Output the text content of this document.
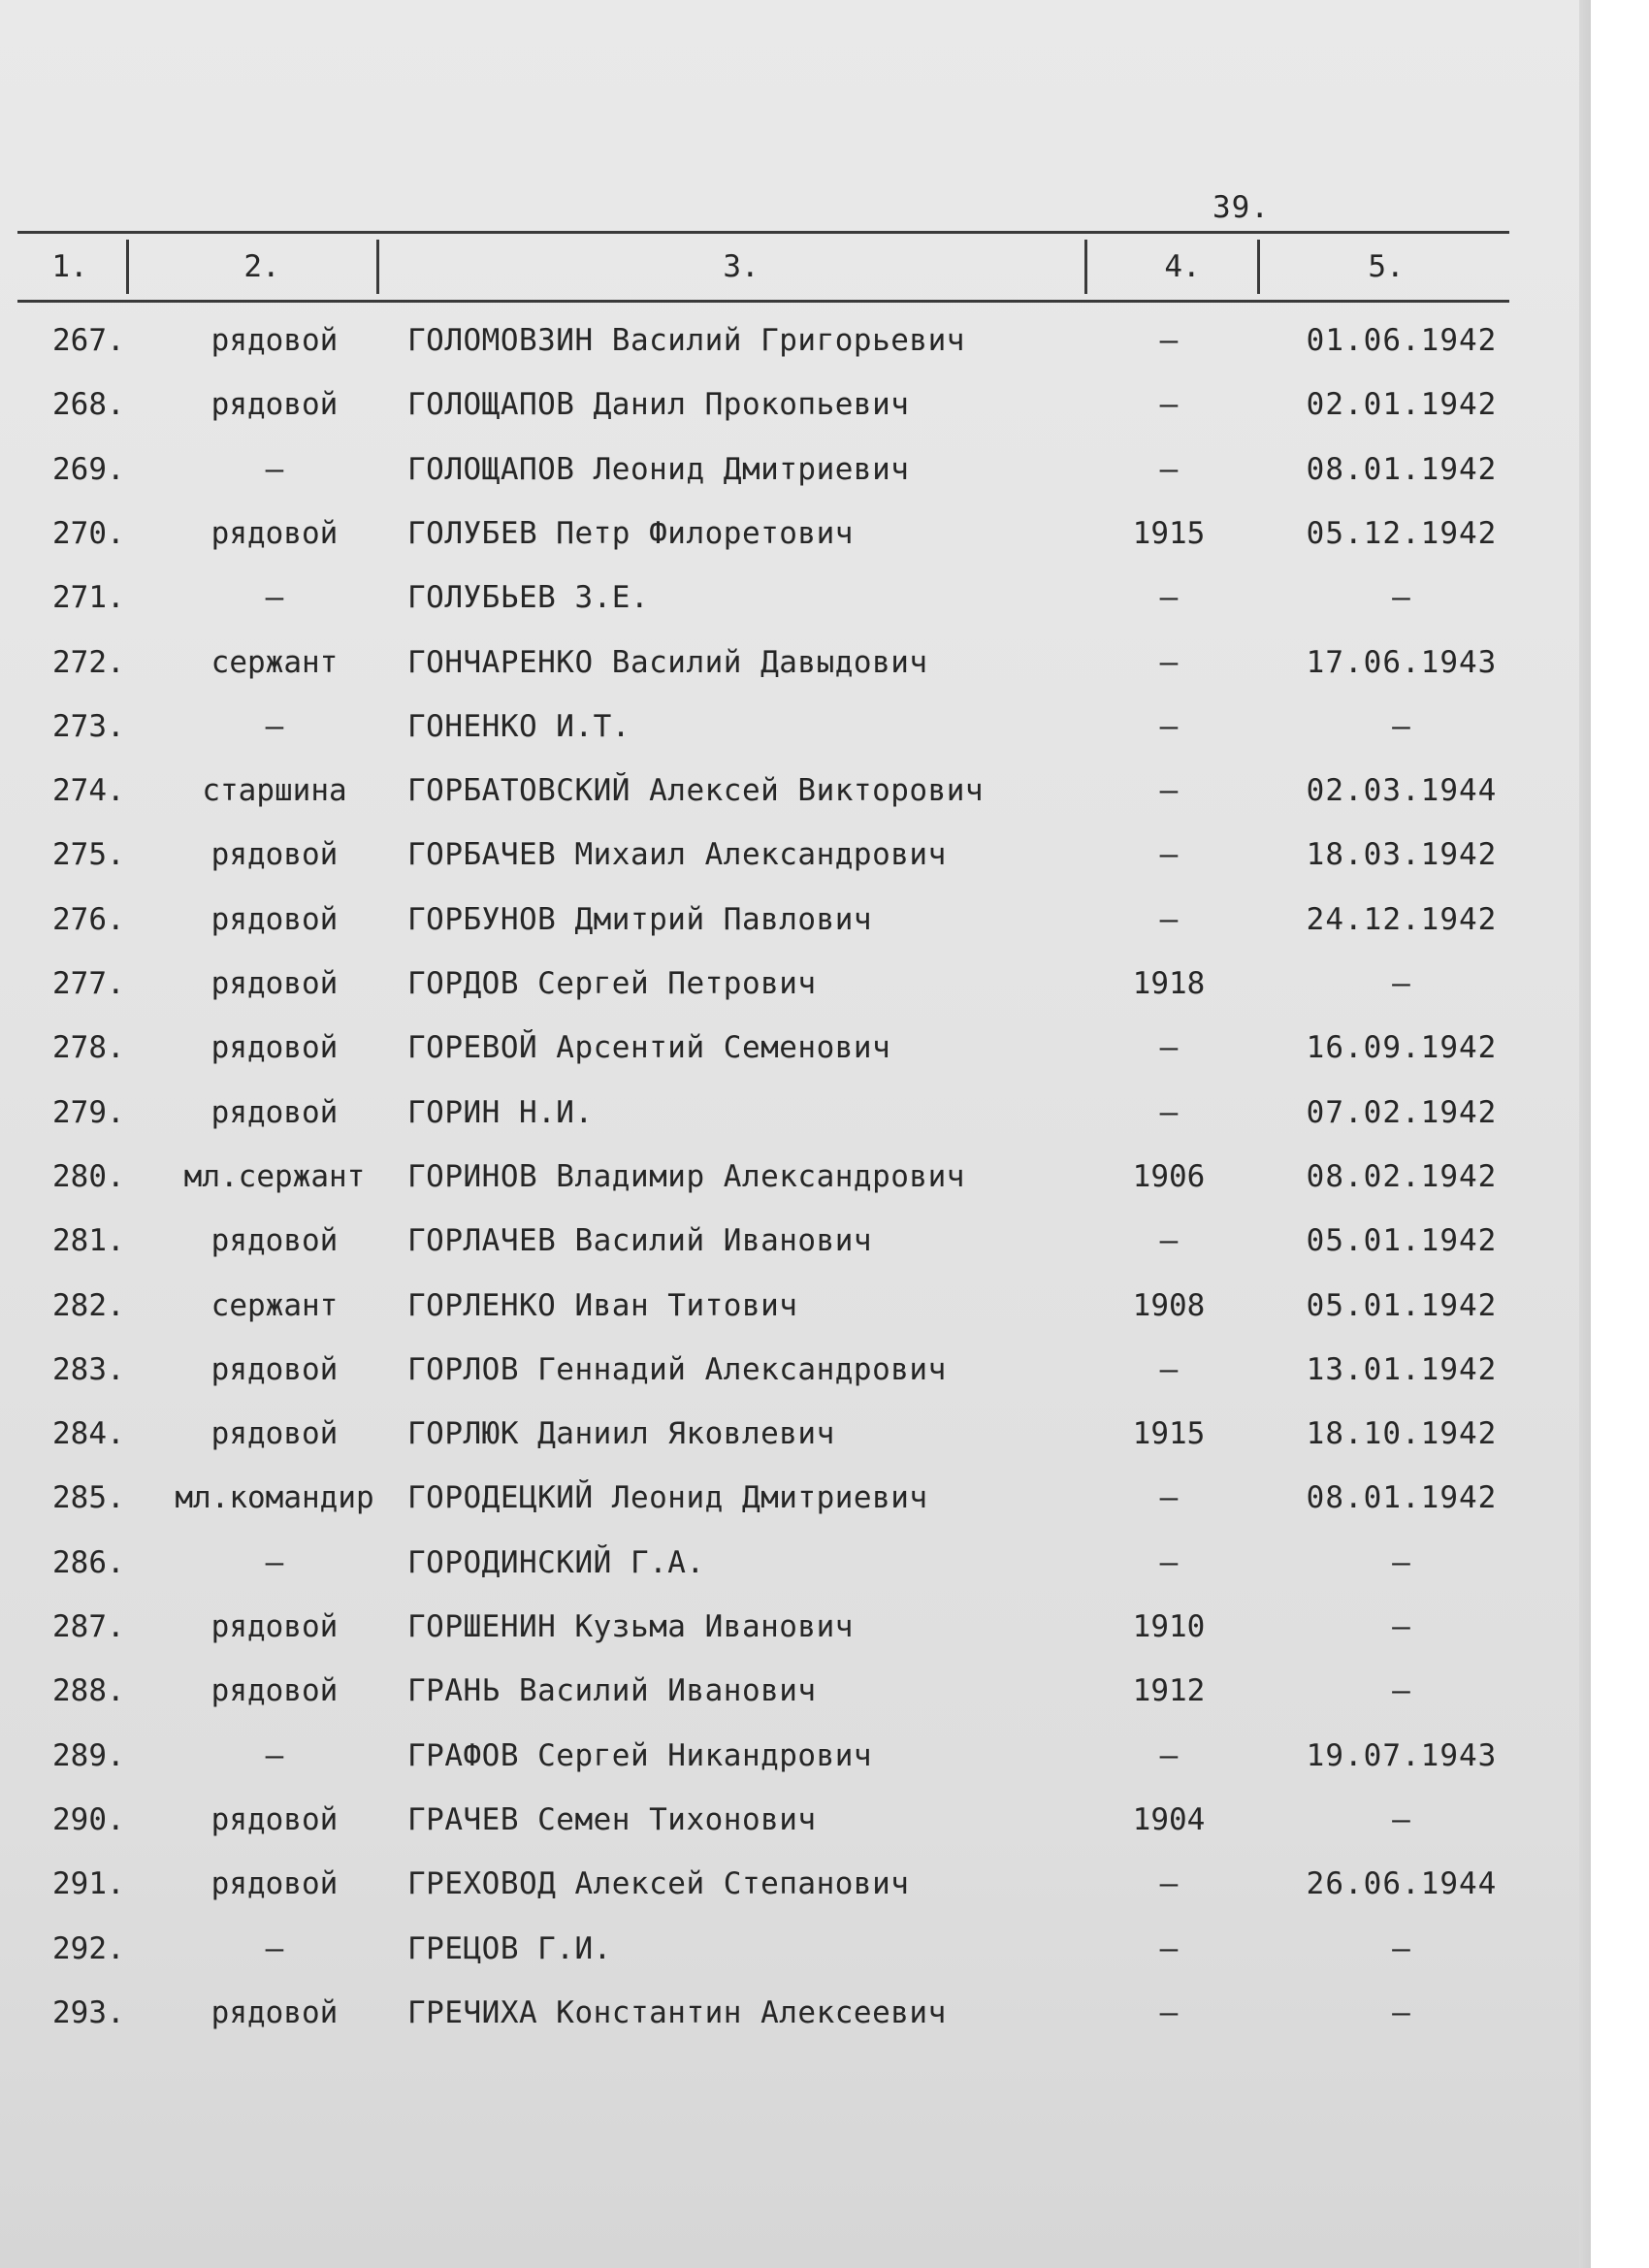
39.
1.	2.	3.	4.	5.
267.	рядовой	ГОЛОМОВЗИН Василий Григорьевич	–	01.06.1942
268.	рядовой	ГОЛОЩАПОВ Данил Прокопьевич	–	02.01.1942
269.	–	ГОЛОЩАПОВ Леонид Дмитриевич	–	08.01.1942
270.	рядовой	ГОЛУБЕВ Петр Филоретович	1915	05.12.1942
271.	–	ГОЛУБЬЕВ З.Е.	–	–
272.	сержант	ГОНЧАРЕНКО Василий Давыдович	–	17.06.1943
273.	–	ГОНЕНКО И.Т.	–	–
274.	старшина	ГОРБАТОВСКИЙ Алексей Викторович	–	02.03.1944
275.	рядовой	ГОРБАЧЕВ Михаил Александрович	–	18.03.1942
276.	рядовой	ГОРБУНОВ Дмитрий Павлович	–	24.12.1942
277.	рядовой	ГОРДОВ Сергей Петрович	1918	–
278.	рядовой	ГОРЕВОЙ Арсентий Семенович	–	16.09.1942
279.	рядовой	ГОРИН Н.И.	–	07.02.1942
280.	мл.сержант	ГОРИНОВ Владимир Александрович	1906	08.02.1942
281.	рядовой	ГОРЛАЧЕВ Василий Иванович	–	05.01.1942
282.	сержант	ГОРЛЕНКО Иван Титович	1908	05.01.1942
283.	рядовой	ГОРЛОВ Геннадий Александрович	–	13.01.1942
284.	рядовой	ГОРЛЮК Даниил Яковлевич	1915	18.10.1942
285.	мл.командир	ГОРОДЕЦКИЙ Леонид Дмитриевич	–	08.01.1942
286.	–	ГОРОДИНСКИЙ Г.А.	–	–
287.	рядовой	ГОРШЕНИН Кузьма Иванович	1910	–
288.	рядовой	ГРАНЬ Василий Иванович	1912	–
289.	–	ГРАФОВ Сергей Никандрович	–	19.07.1943
290.	рядовой	ГРАЧЕВ Семен Тихонович	1904	–
291.	рядовой	ГРЕХОВОД Алексей Степанович	–	26.06.1944
292.	–	ГРЕЦОВ Г.И.	–	–
293.	рядовой	ГРЕЧИХА Константин Алексеевич	–	–
